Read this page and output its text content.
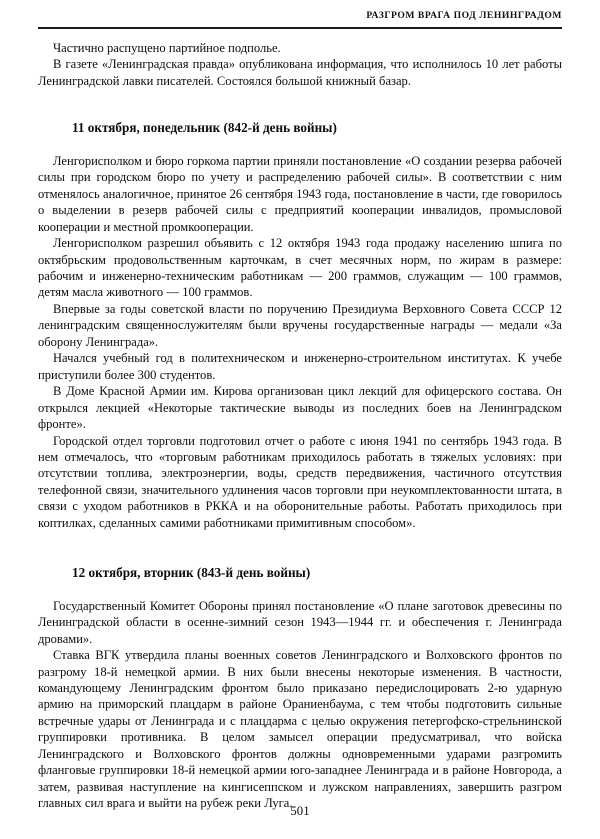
РАЗГРОМ ВРАГА ПОД ЛЕНИНГРАДОМ

Частично распущено партийное подполье.

В газете «Ленинградская правда» опубликована информация, что исполнилось 10 лет работы Ленинградской лавки писателей. Состоялся большой книжный базар.

11 октября, понедельник (842-й день войны)

Ленгорисполком и бюро горкома партии приняли постановление «О создании резерва рабочей силы при городском бюро по учету и распределению рабочей силы». В соответствии с ним отменялось аналогичное, принятое 26 сентября 1943 года, постановление в части, где говорилось о выделении в резерв рабочей силы с предприятий кооперации инвалидов, промысловой кооперации и местной промкооперации.

Ленгорисполком разрешил объявить с 12 октября 1943 года продажу населению шпига по октябрьским продовольственным карточкам, в счет месячных норм, по жирам в размере: рабочим и инженерно-техническим работникам — 200 граммов, служащим — 100 граммов, детям масла животного — 100 граммов.

Впервые за годы советской власти по поручению Президиума Верховного Совета СССР 12 ленинградским священнослужителям были вручены государственные награды — медали «За оборону Ленинграда».

Начался учебный год в политехническом и инженерно-строительном институтах. К учебе приступили более 300 студентов.

В Доме Красной Армии им. Кирова организован цикл лекций для офицерского состава. Он открылся лекцией «Некоторые тактические выводы из последних боев на Ленинградском фронте».

Городской отдел торговли подготовил отчет о работе с июня 1941 по сентябрь 1943 года. В нем отмечалось, что «торговым работникам приходилось работать в тяжелых условиях: при отсутствии топлива, электроэнергии, воды, средств передвижения, частичного отсутствия телефонной связи, значительного удлинения часов торговли при неукомплектованности штата, в связи с уходом работников в РККА и на оборонительные работы. Работать приходилось при коптилках, сделанных самими работниками примитивным способом».

12 октября, вторник (843-й день войны)

Государственный Комитет Обороны принял постановление «О плане заготовок древесины по Ленинградской области в осенне-зимний сезон 1943—1944 гг. и обеспечения г. Ленинграда дровами».

Ставка ВГК утвердила планы военных советов Ленинградского и Волховского фронтов по разгрому 18-й немецкой армии. В них были внесены некоторые изменения. В частности, командующему Ленинградским фронтом было приказано передислоцировать 2-ю ударную армию на приморский плацдарм в районе Ораниенбаума, с тем чтобы подготовить сильные встречные удары от Ленинграда и с плацдарма с целью окружения петергофско-стрельнинской группировки противника. В целом замысел операции предусматривал, что войска Ленинградского и Волховского фронтов должны одновременными ударами разгромить фланговые группировки 18-й немецкой армии юго-западнее Ленинграда и в районе Новгорода, а затем, развивая наступление на кингисеппском и лужском направлениях, завершить разгром главных сил врага и выйти на рубеж реки Луга.

501
